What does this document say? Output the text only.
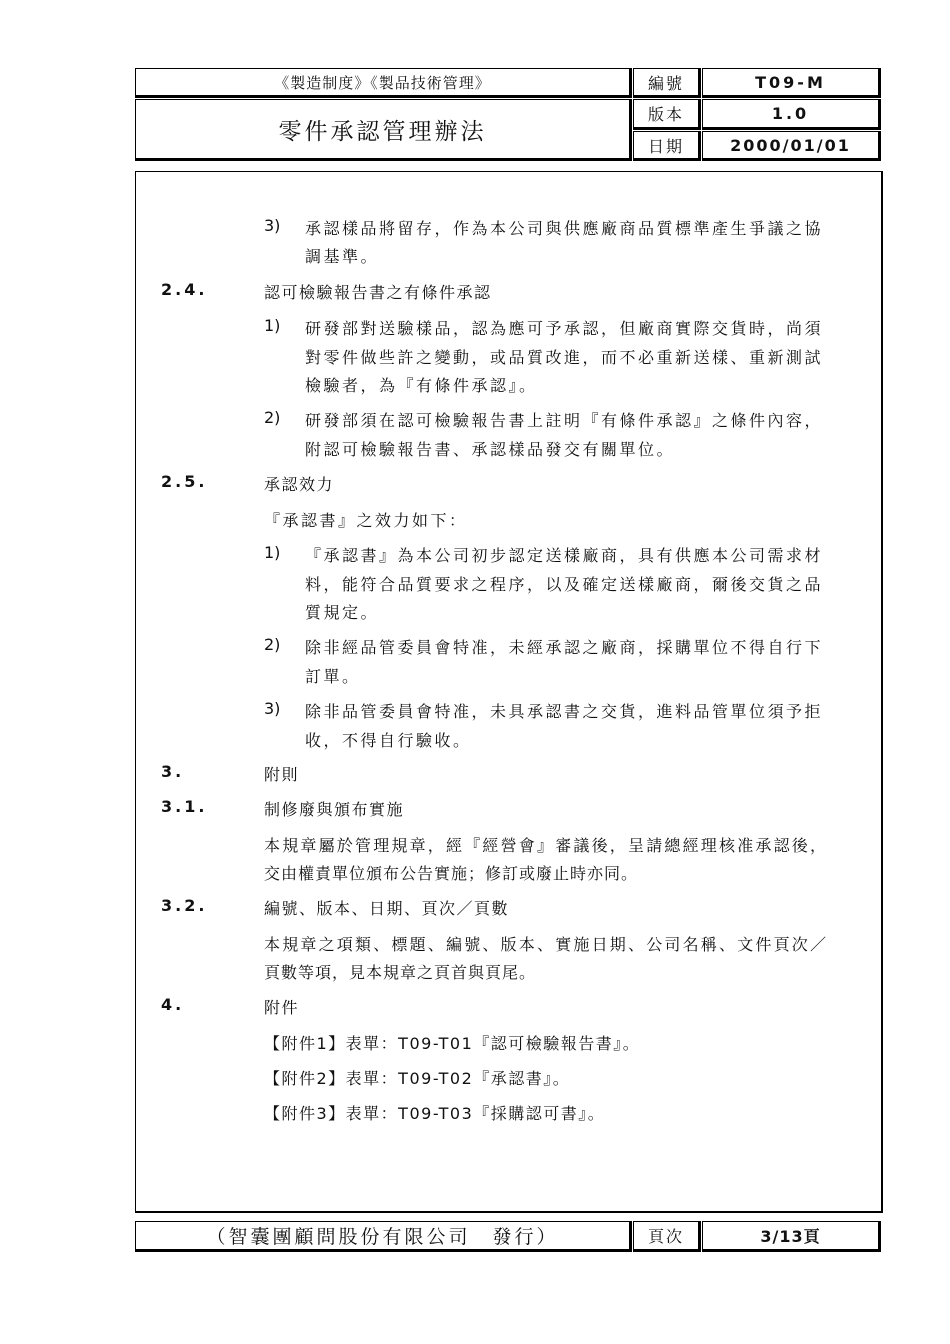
《製造制度》《製品技術管理》	編號	T09-M
零件承認管理辦法
版本	1.0
日期	2000/01/01
3) 承認樣品將留存，作為本公司與供應廠商品質標準產生爭議之協
調基準。
2.4.	認可檢驗報告書之有條件承認
1) 研發部對送驗樣品，認為應可予承認，但廠商實際交貨時，尚須
對零件做些許之變動，或品質改進，而不必重新送樣、重新測試
檢驗者，為『有條件承認』。
2) 研發部須在認可檢驗報告書上註明『有條件承認』之條件內容，
附認可檢驗報告書、承認樣品發交有關單位。
2.5.	承認效力
『承認書』之效力如下：
1) 『承認書』為本公司初步認定送樣廠商，具有供應本公司需求材
料，能符合品質要求之程序，以及確定送樣廠商，爾後交貨之品
質規定。
2) 除非經品管委員會特准，未經承認之廠商，採購單位不得自行下
訂單。
3) 除非品管委員會特准，未具承認書之交貨，進料品管單位須予拒
收，不得自行驗收。
3.	附則
3.1.	制修廢與頒布實施
本規章屬於管理規章，經『經營會』審議後，呈請總經理核准承認後，
交由權責單位頒布公告實施；修訂或廢止時亦同。
3.2.	編號、版本、日期、頁次／頁數
本規章之項類、標題、編號、版本、實施日期、公司名稱、文件頁次／
頁數等項，見本規章之頁首與頁尾。
4.	附件
【附件1】表單：T09-T01『認可檢驗報告書』。
【附件2】表單：T09-T02『承認書』。
【附件3】表單：T09-T03『採購認可書』。
（智囊團顧問股份有限公司　發行）	頁次	3/13頁
